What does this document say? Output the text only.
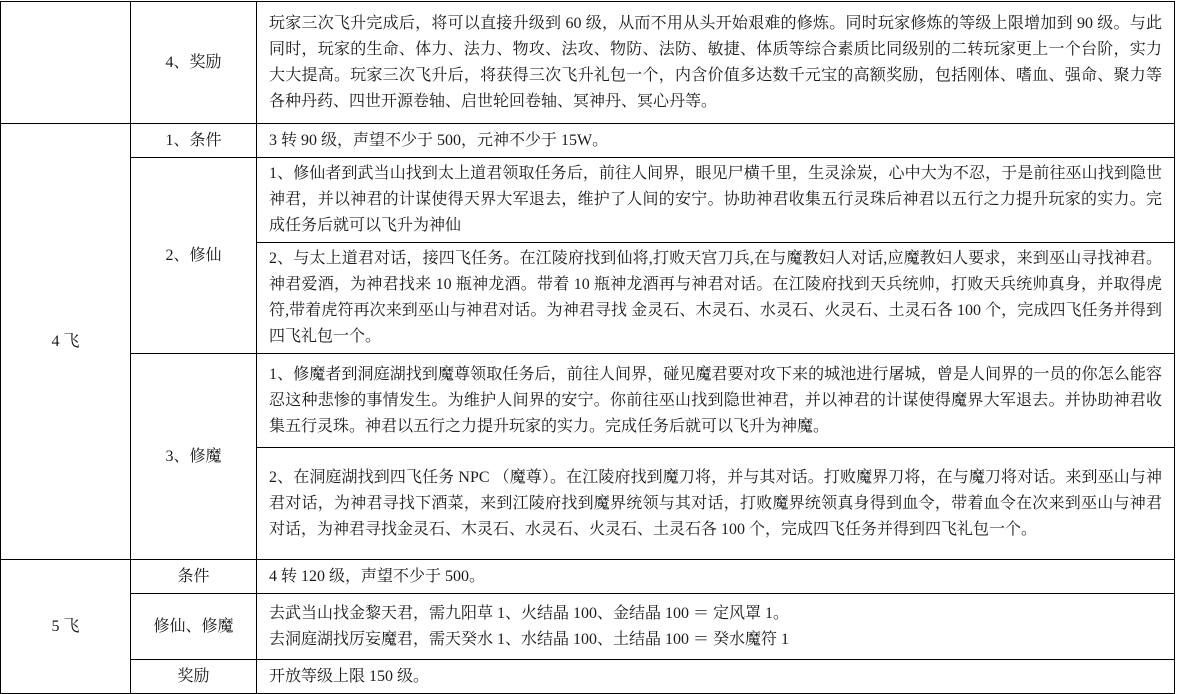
	4、奖励	玩家三次飞升完成后，将可以直接升级到 60 级，从而不用从头开始艰难的修炼。同时玩家修炼的等级上限增加到 90 级。与此同时，玩家的生命、体力、法力、物攻、法攻、物防、法防、敏捷、体质等综合素质比同级别的二转玩家更上一个台阶，实力大大提高。玩家三次飞升后，将获得三次飞升礼包一个，内含价值多达数千元宝的高额奖励，包括刚体、嗜血、强命、聚力等各种丹药、四世开源卷轴、启世轮回卷轴、冥神丹、冥心丹等。

4 飞	1、条件	3 转 90 级，声望不少于 500，元神不少于 15W。

	2、修仙	1、修仙者到武当山找到太上道君领取任务后，前往人间界，眼见尸横千里，生灵涂炭，心中大为不忍，于是前往巫山找到隐世神君，并以神君的计谋使得天界大军退去，维护了人间的安宁。协助神君收集五行灵珠后神君以五行之力提升玩家的实力。完成任务后就可以飞升为神仙

		2、与太上道君对话，接四飞任务。在江陵府找到仙将,打败天宫刀兵,在与魔教妇人对话,应魔教妇人要求，来到巫山寻找神君。神君爱酒，为神君找来 10 瓶神龙酒。带着 10 瓶神龙酒再与神君对话。在江陵府找到天兵统帅，打败天兵统帅真身，并取得虎符,带着虎符再次来到巫山与神君对话。为神君寻找 金灵石、木灵石、水灵石、火灵石、土灵石各 100 个，完成四飞任务并得到四飞礼包一个。

	3、修魔	1、修魔者到洞庭湖找到魔尊领取任务后，前往人间界，碰见魔君要对攻下来的城池进行屠城，曾是人间界的一员的你怎么能容忍这种悲惨的事情发生。为维护人间界的安宁。你前往巫山找到隐世神君，并以神君的计谋使得魔界大军退去。并协助神君收集五行灵珠。神君以五行之力提升玩家的实力。完成任务后就可以飞升为神魔。

		2、在洞庭湖找到四飞任务 NPC （魔尊）。在江陵府找到魔刀将，并与其对话。打败魔界刀将，在与魔刀将对话。来到巫山与神君对话，为神君寻找下酒菜，来到江陵府找到魔界统领与其对话，打败魔界统领真身得到血令，带着血令在次来到巫山与神君对话，为神君寻找金灵石、木灵石、水灵石、火灵石、土灵石各 100 个，完成四飞任务并得到四飞礼包一个。

5 飞	条件	4 转 120 级，声望不少于 500。

	修仙、修魔	去武当山找金黎天君，需九阳草 1、火结晶 100、金结晶 100 ＝ 定风罩 1。
去洞庭湖找厉妄魔君，需天癸水 1、水结晶 100、土结晶 100 ＝ 癸水魔符 1

	奖励	开放等级上限 150 级。
